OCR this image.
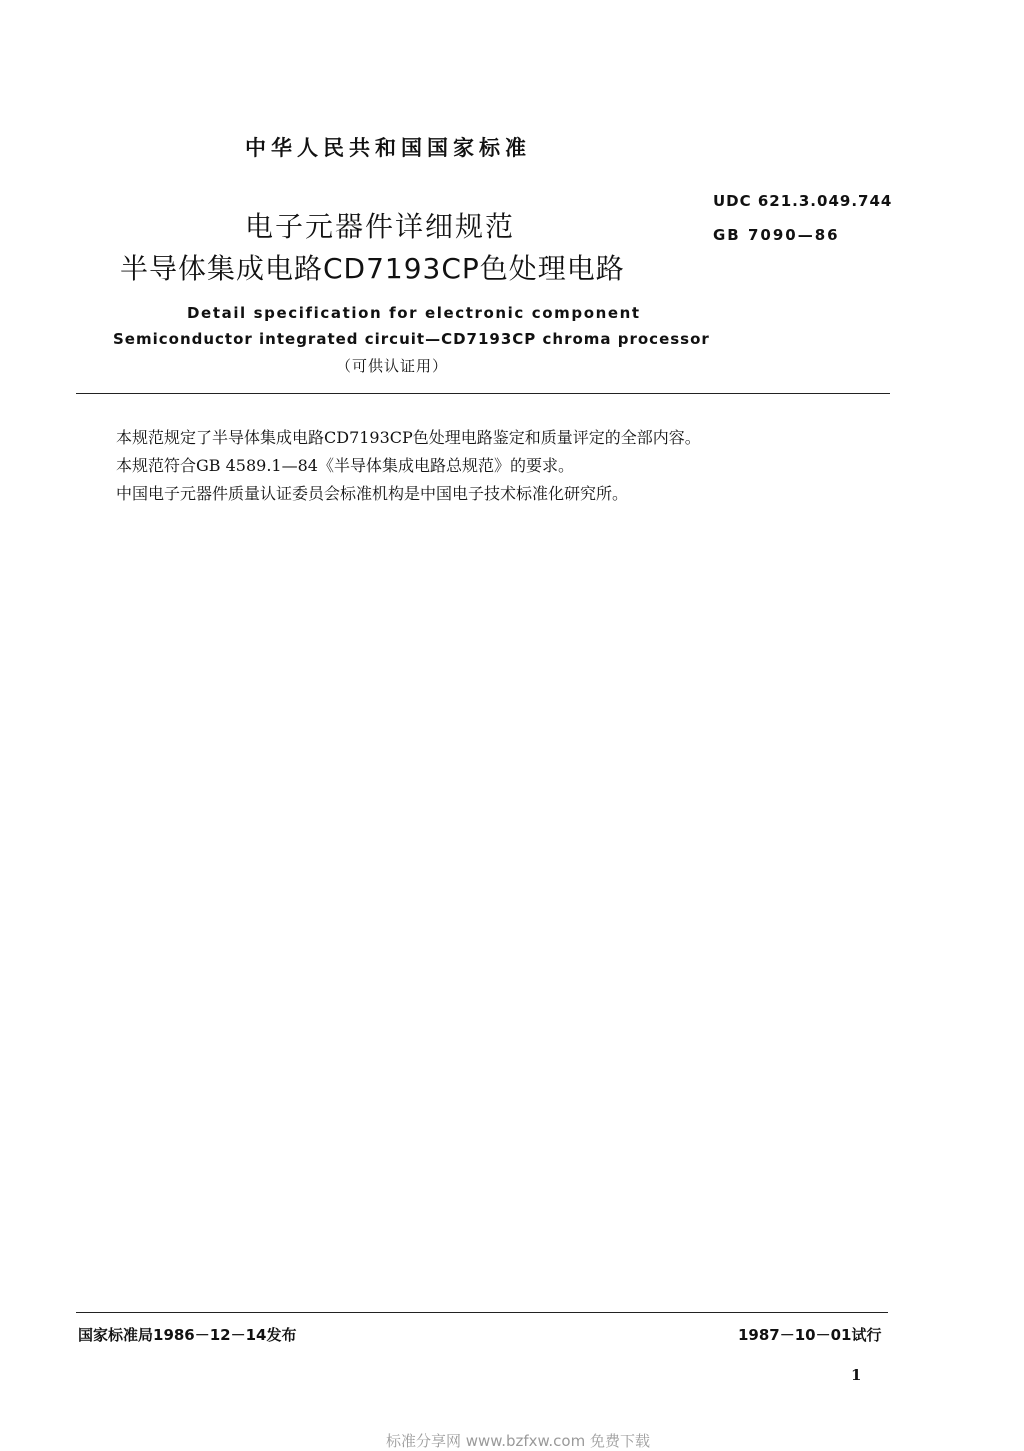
中华人民共和国国家标准
UDC 621.3.049.744
GB 7090—86
电子元器件详细规范
半导体集成电路CD7193CP色处理电路
Detail specification for electronic component
Semiconductor integrated circuit—CD7193CP chroma processor
（可供认证用）
本规范规定了半导体集成电路CD7193CP色处理电路鉴定和质量评定的全部内容。
本规范符合GB 4589.1—84《半导体集成电路总规范》的要求。
中国电子元器件质量认证委员会标准机构是中国电子技术标准化研究所。
国家标准局1986－12－14发布	1987－10－01试行
1
标准分享网 www.bzfxw.com 免费下载
